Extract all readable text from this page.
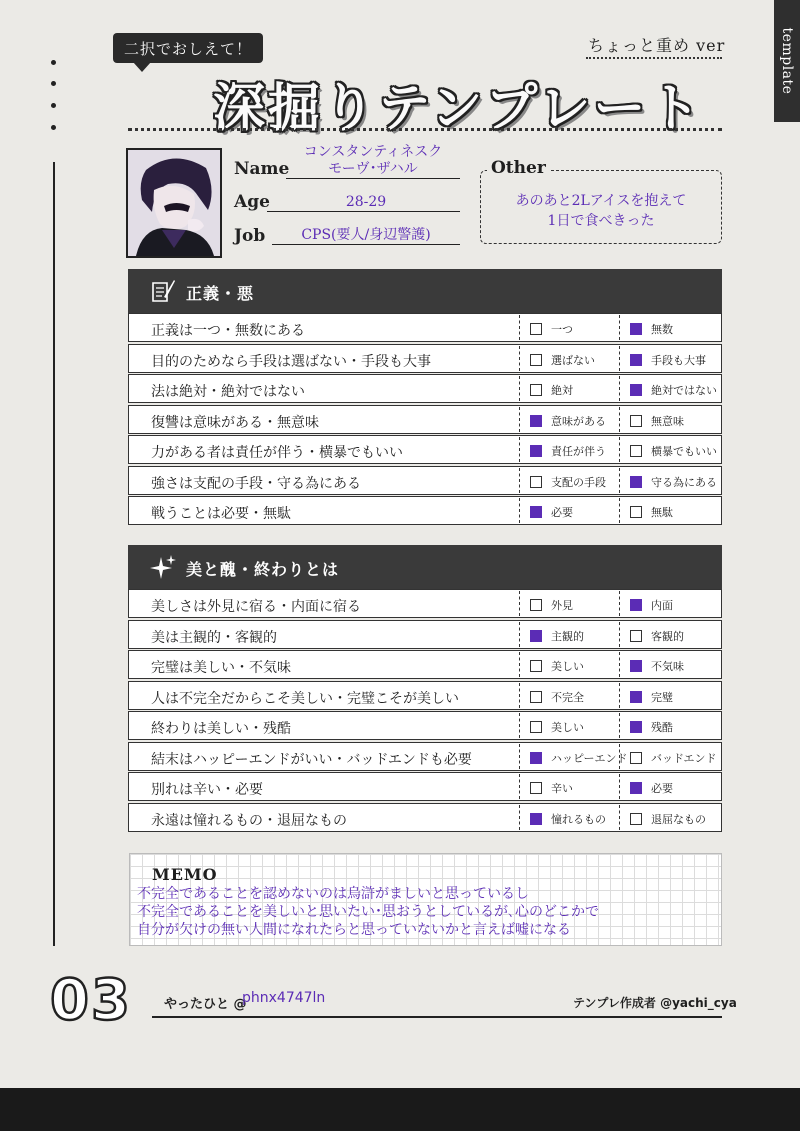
template
二択でおしえて！	ちょっと重め ver
深掘りテンプレート
Name
コンスタンティネスク
モーヴ･ザハル
Age	28-29
Job	CPS(要人/身辺警護)
Other
あのあと2Lアイスを抱えて
1日で食べきった
正義・悪
正義は一つ・無数にある	一つ	無数
目的のためなら手段は選ばない・手段も大事	選ばない	手段も大事
法は絶対・絶対ではない	絶対	絶対ではない
復讐は意味がある・無意味	意味がある	無意味
力がある者は責任が伴う・横暴でもいい	責任が伴う	横暴でもいい
強さは支配の手段・守る為にある	支配の手段	守る為にある
戦うことは必要・無駄	必要	無駄
美と醜・終わりとは
美しさは外見に宿る・内面に宿る	外見	内面
美は主観的・客観的	主観的	客観的
完璧は美しい・不気味	美しい	不気味
人は不完全だからこそ美しい・完璧こそが美しい	不完全	完璧
終わりは美しい・残酷	美しい	残酷
結末はハッピーエンドがいい・バッドエンドも必要	ハッピーエンド バッドエンド
別れは辛い・必要	辛い	必要
永遠は憧れるもの・退屈なもの	憧れるもの	退屈なもの
MEMO
不完全であることを認めないのは烏滸がましいと思っているし
不完全であることを美しいと思いたい･思おうとしているが､心のどこかで
自分が欠けの無い人間になれたらと思っていないかと言えば嘘になる
03 やったひと @
phnx4747ln	テンプレ作成者 @yachi_cya
